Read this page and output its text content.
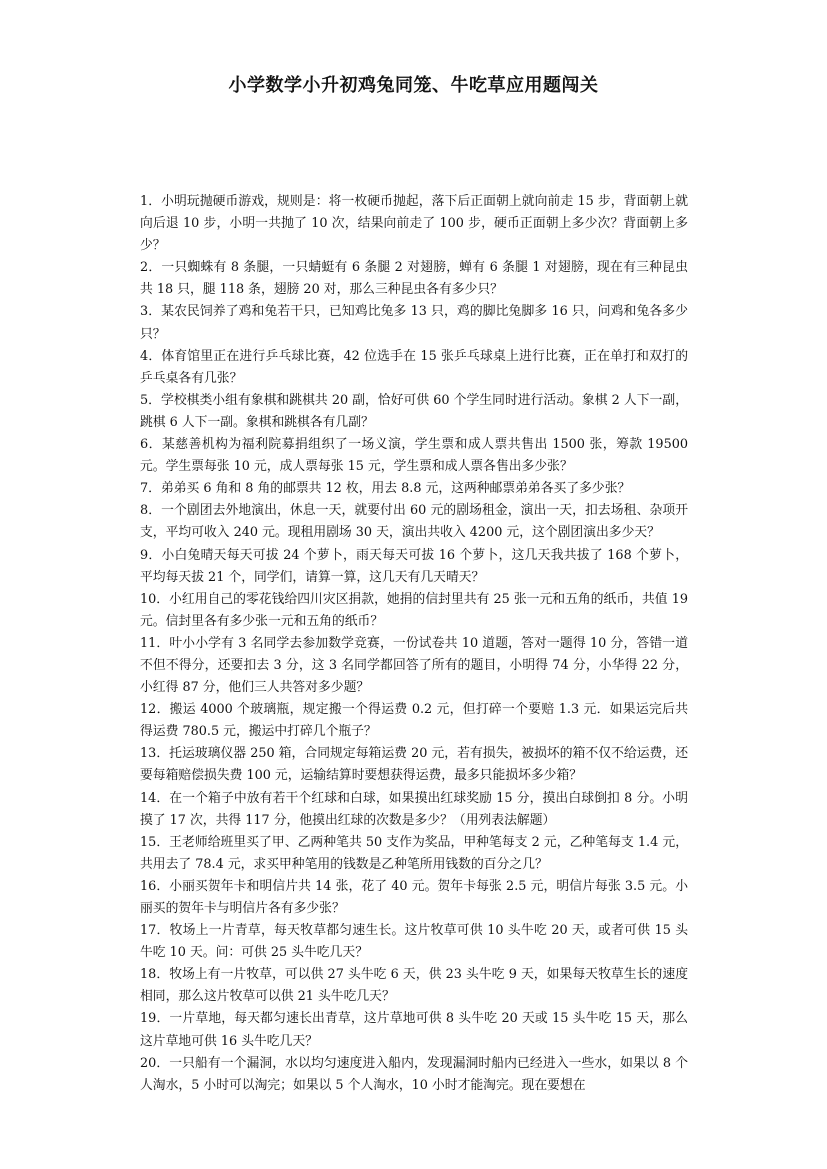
小学数学小升初鸡兔同笼、牛吃草应用题闯关

1．小明玩抛硬币游戏，规则是：将一枚硬币抛起，落下后正面朝上就向前走 15 步，背面朝上就向后退 10 步，小明一共抛了 10 次，结果向前走了 100 步，硬币正面朝上多少次？背面朝上多少？

2．一只蜘蛛有 8 条腿，一只蜻蜓有 6 条腿 2 对翅膀，蝉有 6 条腿 1 对翅膀，现在有三种昆虫共 18 只，腿 118 条，翅膀 20 对，那么三种昆虫各有多少只？

3．某农民饲养了鸡和兔若干只，已知鸡比兔多 13 只，鸡的脚比兔脚多 16 只，问鸡和兔各多少只？

4．体育馆里正在进行乒乓球比赛，42 位选手在 15 张乒乓球桌上进行比赛，正在单打和双打的乒乓桌各有几张？

5．学校棋类小组有象棋和跳棋共 20 副，恰好可供 60 个学生同时进行活动。象棋 2 人下一副，跳棋 6 人下一副。象棋和跳棋各有几副？

6．某慈善机构为福利院募捐组织了一场义演，学生票和成人票共售出 1500 张，筹款 19500 元。学生票每张 10 元，成人票每张 15 元，学生票和成人票各售出多少张？

7．弟弟买 6 角和 8 角的邮票共 12 枚，用去 8.8 元，这两种邮票弟弟各买了多少张？

8．一个剧团去外地演出，休息一天，就要付出 60 元的剧场租金，演出一天，扣去场租、杂项开支，平均可收入 240 元。现租用剧场 30 天，演出共收入 4200 元，这个剧团演出多少天？

9．小白兔晴天每天可拔 24 个萝卜，雨天每天可拔 16 个萝卜，这几天我共拔了 168 个萝卜，平均每天拔 21 个，同学们，请算一算，这几天有几天晴天？

10．小红用自己的零花钱给四川灾区捐款，她捐的信封里共有 25 张一元和五角的纸币，共值 19 元。信封里各有多少张一元和五角的纸币？

11．叶小小学有 3 名同学去参加数学竞赛，一份试卷共 10 道题，答对一题得 10 分，答错一道不但不得分，还要扣去 3 分，这 3 名同学都回答了所有的题目，小明得 74 分，小华得 22 分，小红得 87 分，他们三人共答对多少题？

12．搬运 4000 个玻璃瓶，规定搬一个得运费 0.2 元，但打碎一个要赔 1.3 元．如果运完后共得运费 780.5 元，搬运中打碎几个瓶子？

13．托运玻璃仪器 250 箱，合同规定每箱运费 20 元，若有损失，被损坏的箱不仅不给运费，还要每箱赔偿损失费 100 元，运输结算时要想获得运费，最多只能损坏多少箱？

14．在一个箱子中放有若干个红球和白球，如果摸出红球奖励 15 分，摸出白球倒扣 8 分。小明摸了 17 次，共得 117 分，他摸出红球的次数是多少？（用列表法解题）

15．王老师给班里买了甲、乙两种笔共 50 支作为奖品，甲种笔每支 2 元，乙种笔每支 1.4 元，共用去了 78.4 元，求买甲种笔用的钱数是乙种笔所用钱数的百分之几？

16．小丽买贺年卡和明信片共 14 张，花了 40 元。贺年卡每张 2.5 元，明信片每张 3.5 元。小丽买的贺年卡与明信片各有多少张？

17．牧场上一片青草，每天牧草都匀速生长。这片牧草可供 10 头牛吃 20 天，或者可供 15 头牛吃 10 天。问：可供 25 头牛吃几天？

18．牧场上有一片牧草，可以供 27 头牛吃 6 天，供 23 头牛吃 9 天，如果每天牧草生长的速度相同，那么这片牧草可以供 21 头牛吃几天？

19．一片草地，每天都匀速长出青草，这片草地可供 8 头牛吃 20 天或 15 头牛吃 15 天，那么这片草地可供 16 头牛吃几天？

20．一只船有一个漏洞，水以均匀速度进入船内，发现漏洞时船内已经进入一些水，如果以 8 个人淘水，5 小时可以淘完；如果以 5 个人淘水，10 小时才能淘完。现在要想在
